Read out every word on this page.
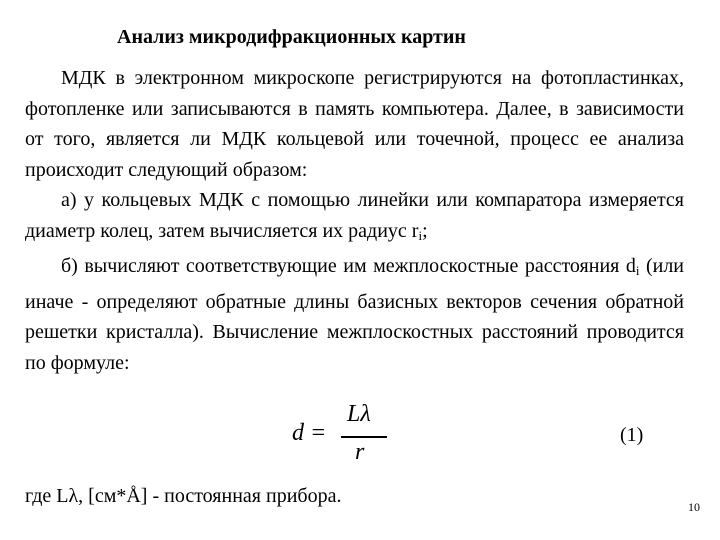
Анализ микродифракционных картин

МДК в электронном микроскопе регистрируются на фотопластинках, фотопленке или записываются в память компьютера. Далее, в зависимости от того, является ли МДК кольцевой или точечной, процесс ее анализа происходит следующий образом:

а) у кольцевых МДК с помощью линейки или компаратора измеряется диаметр колец, затем вычисляется их радиус $r_i$;

б) вычисляют соответствующие им межплоскостные расстояния $d_i$ (или иначе - определяют обратные длины базисных векторов сечения обратной решетки кристалла). Вычисление межплоскостных расстояний проводится по формуле:

d =
Lλ
r
(1)
где Lλ, [см*Å] - постоянная прибора.	10
